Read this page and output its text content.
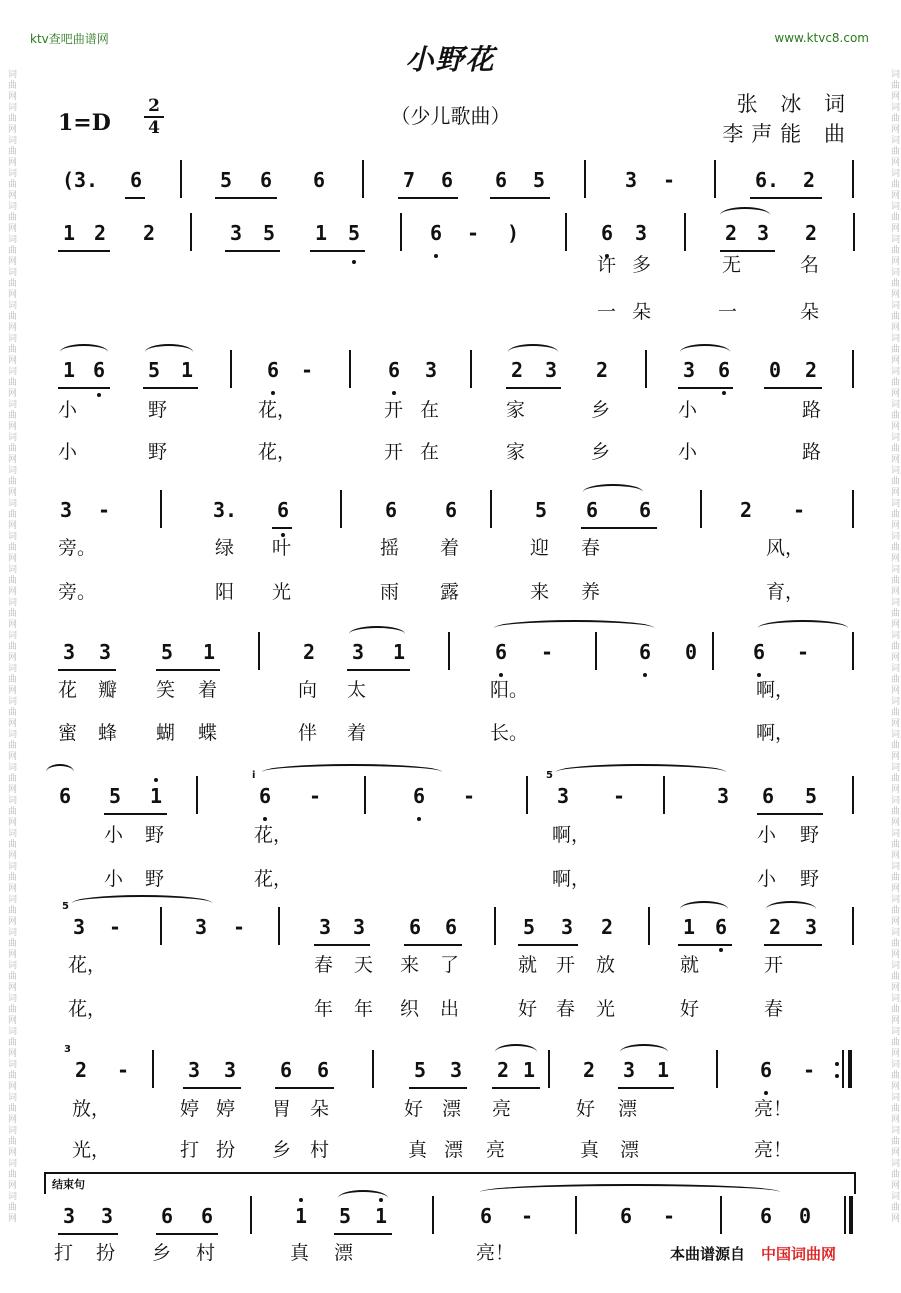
词曲网词曲网词曲网词曲网词曲网词曲网词曲网词曲网词曲网词曲网词曲网词曲网词曲网词曲网词曲网词曲网词曲网词曲网词曲网词曲网词曲网词曲网词曲网词曲网词曲网词曲网词曲网词曲网词曲网词曲网词曲网词曲网词曲网词曲网词曲网	词曲网词曲网词曲网词曲网词曲网词曲网词曲网词曲网词曲网词曲网词曲网词曲网词曲网词曲网词曲网词曲网词曲网词曲网词曲网词曲网词曲网词曲网词曲网词曲网词曲网词曲网词曲网词曲网词曲网词曲网词曲网词曲网词曲网词曲网词曲网
ktv查吧曲谱网	www.ktvc8.com
小野花
（少儿歌曲）
1=D
2
4
张 冰 词
李声能 曲
(3. 6	5 6 6	7 6 6 5	3 -	6. 2
1 2 2	3 5 1 5	6 - )	6 3	2 3 2
许 多	无	名
一 朵	一	朵
1 6 5 1	6 -	6 3	2 3 2	3 6 0 2
小	野	花，	开 在	家	乡	小	路
小	野	花，	开 在	家	乡	小	路
3 -	3. 6	6 6	5 6 6	2 -
旁。	绿 叶	摇 着	迎 春	风，
旁。	阳 光	雨 露	来 养	育，
3 3 5 1	2 3 1	6 -	6 0	6 -
花 瓣 笑 着	向 太	阳。	啊，
蜜 蜂 蝴 蝶	伴 着	长。	啊，
6 5 1
i
6 -	6 -
5
3 -	3 6 5
小 野	花，	啊，	小 野
小 野	花，	啊，	小 野
5
3 -	3 -	3 3 6 6	5 3 2	1 6 2 3
花，	春 天 来 了	就 开 放	就	开
花，	年 年 织 出	好 春 光	好	春
3
2 -	3 3 6 6	5 3 2 1 2 3 1	6 -
放，	婷 婷 胃 朵	好 漂 亮	好 漂	亮！
光，	打 扮 乡 村	真 漂 亮	真 漂	亮！
结束句
3 3 6 6	1 5 1	6 -	6 -	6 0
打 扮 乡 村	真 漂	亮！	本曲谱源自 中国词曲网
